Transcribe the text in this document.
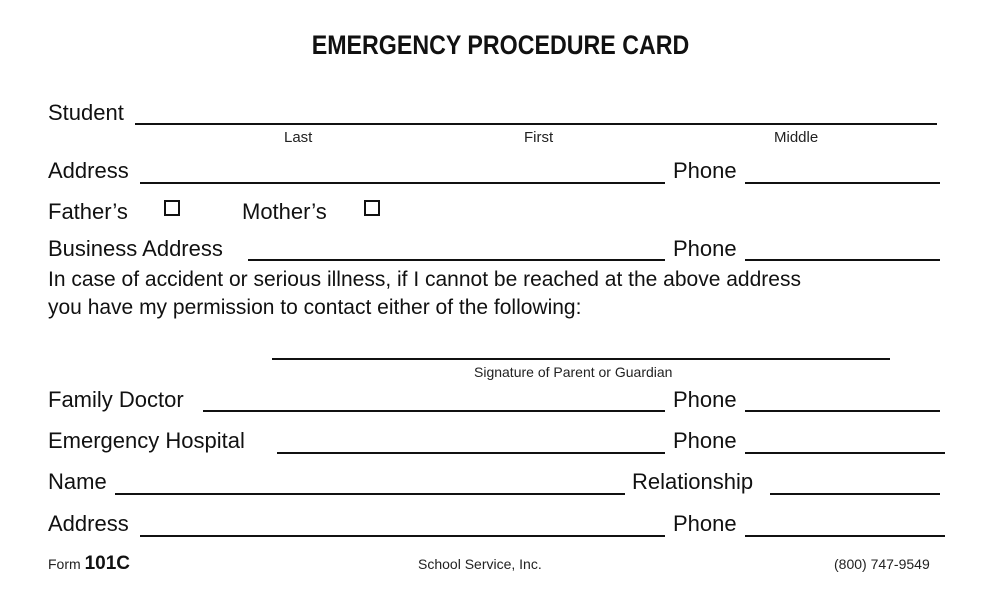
EMERGENCY PROCEDURE CARD
Student
Last	First	Middle
Address	Phone
Father’s	Mother’s
Business Address	Phone
In case of accident or serious illness, if I cannot be reached at the above address
you have my permission to contact either of the following:
Signature of Parent or Guardian
Family Doctor	Phone
Emergency Hospital	Phone
Name	Relationship
Address	Phone
Form 101C	School Service, Inc.	(800) 747-9549
